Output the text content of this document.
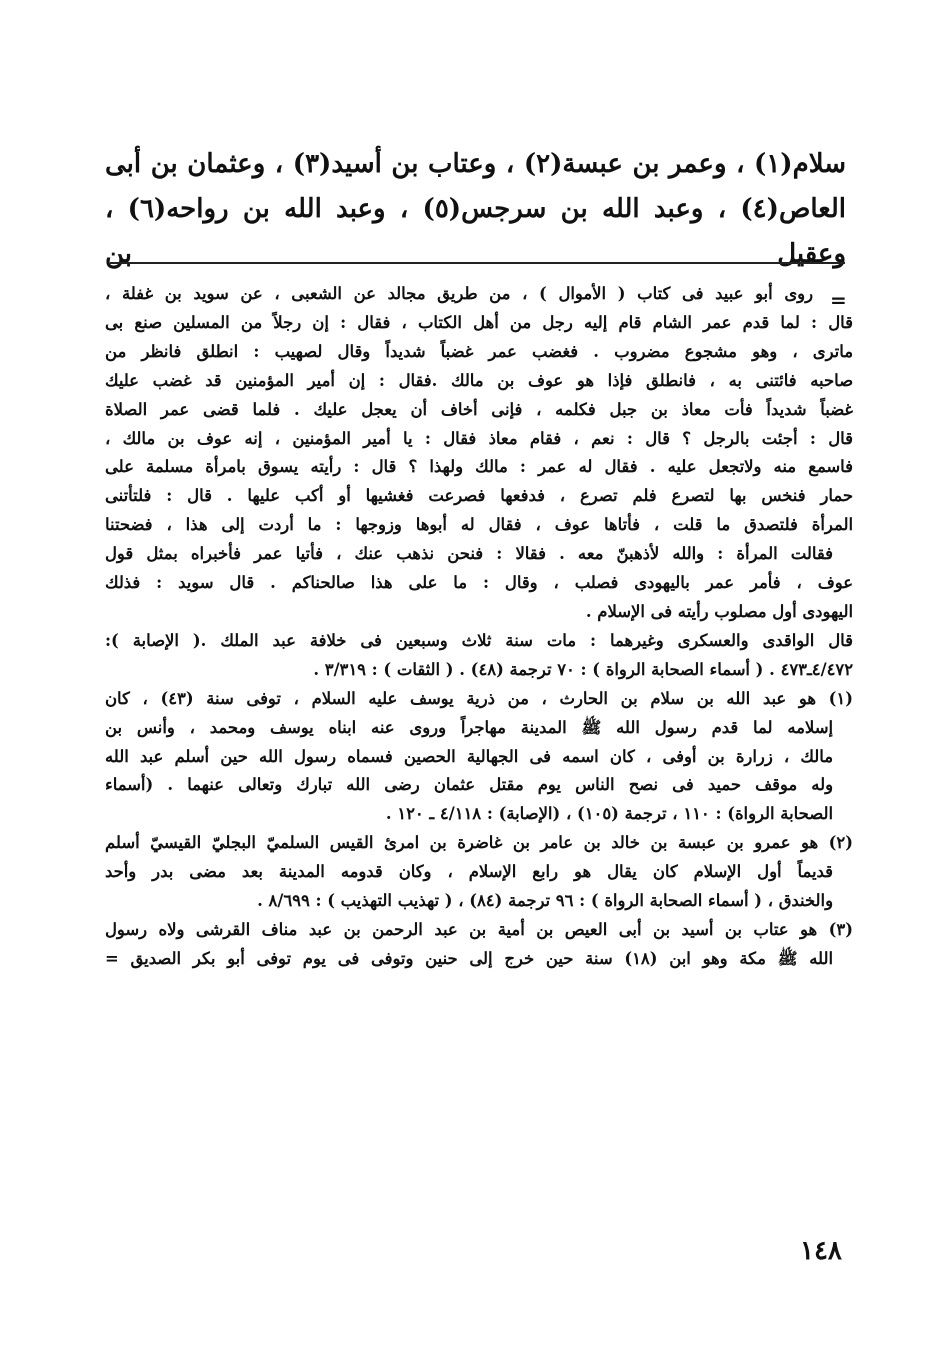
سلام(١) ، وعمر بن عبسة(٢) ، وعتاب بن أسيد(٣) ، وعثمان بن أبى

العاص(٤) ، وعبد الله بن سرجس(٥) ، وعبد الله بن رواحه(٦) ، وعقيل بن

=

روى أبو عبيد فى كتاب ( الأموال ) ، من طريق مجالد عن الشعبى ، عن سويد بن غفلة ،

قال : لما قدم عمر الشام قام إليه رجل من أهل الكتاب ، فقال : إن رجلاً من المسلين صنع بى

ماترى ، وهو مشجوع مضروب . فغضب عمر غضباً شديداً وقال لصهيب : انطلق فانظر من

صاحبه فائتنى به ، فانطلق فإذا هو عوف بن مالك .فقال : إن أمير المؤمنين قد غضب عليك

غضباً شديداً فأت معاذ بن جبل فكلمه ، فإنى أخاف أن يعجل عليك . فلما قضى عمر الصلاة

قال : أجئت بالرجل ؟ قال : نعم ، فقام معاذ فقال : يا أمير المؤمنين ، إنه عوف بن مالك ،

فاسمع منه ولاتجعل عليه . فقال له عمر : مالك ولهذا ؟ قال : رأيته يسوق بامرأة مسلمة على

حمار فنخس بها لتصرع فلم تصرع ، فدفعها فصرعت فغشيها أو أكب عليها . قال : فلتأتنى

المرأة فلتصدق ما قلت ، فأتاها عوف ، فقال له أبوها وزوجها : ما أردت إلى هذا ، فضحتنا

فقالت المرأة : والله لأذهبنّ معه . فقالا : فنحن نذهب عنك ، فأتيا عمر فأخبراه بمثل قول

عوف ، فأمر عمر باليهودى فصلب ، وقال : ما على هذا صالحناكم . قال سويد : فذلك

اليهودى أول مصلوب رأيته فى الإسلام .

قال الواقدى والعسكرى وغيرهما : مات سنة ثلاث وسبعين فى خلافة عبد الملك .( الإصابة ):

٤/٤٧٢ـ٤٧٣ . ( أسماء الصحابة الرواة ) : ٧٠ ترجمة (٤٨) . ( الثقات ) : ٣/٣١٩ .

(١) هو عبد الله بن سلام بن الحارث ، من ذرية يوسف عليه السلام ، توفى سنة (٤٣) ، كان

إسلامه لما قدم رسول الله ﷺ المدينة مهاجراً وروى عنه ابناه يوسف ومحمد ، وأنس بن

مالك ، زرارة بن أوفى ، كان اسمه فى الجهالية الحصين فسماه رسول الله حين أسلم عبد الله

وله موقف حميد فى نصح الناس يوم مقتل عثمان رضى الله تبارك وتعالى عنهما . (أسماء

الصحابة الرواة) : ١١٠ ، ترجمة (١٠٥) ، (الإصابة) : ٤/١١٨ ـ ١٢٠ .

(٢) هو عمرو بن عبسة بن خالد بن عامر بن غاضرة بن امرئ القيس السلميّ البجليّ القيسيّ أسلم

قديماً أول الإسلام كان يقال هو رابع الإسلام ، وكان قدومه المدينة بعد مضى بدر وأحد

والخندق ، ( أسماء الصحابة الرواة ) : ٩٦ ترجمة (٨٤) ، ( تهذيب التهذيب ) : ٨/٦٩٩ .

(٣) هو عتاب بن أسيد بن أبى العيص بن أمية بن عبد الرحمن بن عبد مناف القرشى ولاه رسول

الله ﷺ مكة وهو ابن (١٨) سنة حين خرج إلى حنين وتوفى فى يوم توفى أبو بكر الصديق =

١٤٨
